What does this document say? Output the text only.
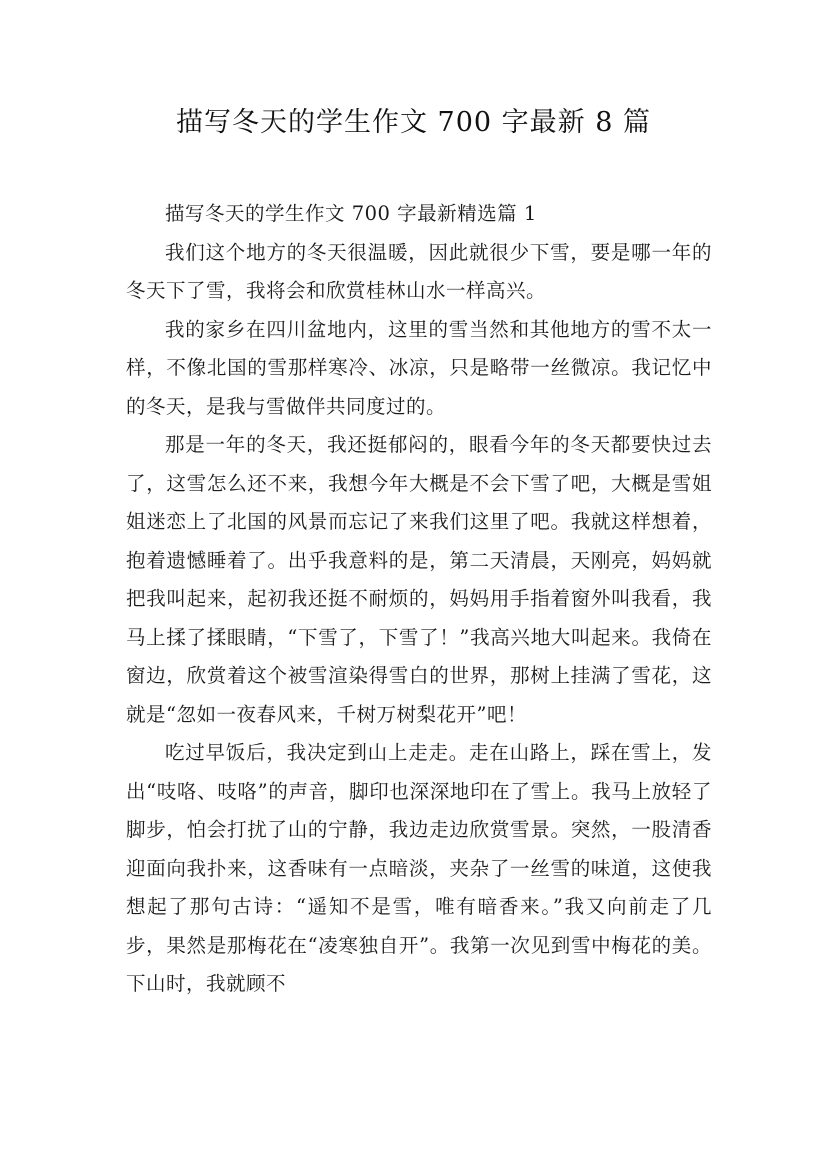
描写冬天的学生作文 700 字最新 8 篇

描写冬天的学生作文 700 字最新精选篇 1

我们这个地方的冬天很温暖，因此就很少下雪，要是哪一年的冬天下了雪，我将会和欣赏桂林山水一样高兴。

我的家乡在四川盆地内，这里的雪当然和其他地方的雪不太一样，不像北国的雪那样寒冷、冰凉，只是略带一丝微凉。我记忆中的冬天，是我与雪做伴共同度过的。

那是一年的冬天，我还挺郁闷的，眼看今年的冬天都要快过去了，这雪怎么还不来，我想今年大概是不会下雪了吧，大概是雪姐姐迷恋上了北国的风景而忘记了来我们这里了吧。我就这样想着，抱着遗憾睡着了。出乎我意料的是，第二天清晨，天刚亮，妈妈就把我叫起来，起初我还挺不耐烦的，妈妈用手指着窗外叫我看，我马上揉了揉眼睛，“下雪了，下雪了！”我高兴地大叫起来。我倚在窗边，欣赏着这个被雪渲染得雪白的世界，那树上挂满了雪花，这就是“忽如一夜春风来，千树万树梨花开”吧！

吃过早饭后，我决定到山上走走。走在山路上，踩在雪上，发出“吱咯、吱咯”的声音，脚印也深深地印在了雪上。我马上放轻了脚步，怕会打扰了山的宁静，我边走边欣赏雪景。突然，一股清香迎面向我扑来，这香味有一点暗淡，夹杂了一丝雪的味道，这使我想起了那句古诗：“遥知不是雪，唯有暗香来。”我又向前走了几步，果然是那梅花在“凌寒独自开”。我第一次见到雪中梅花的美。下山时，我就顾不
